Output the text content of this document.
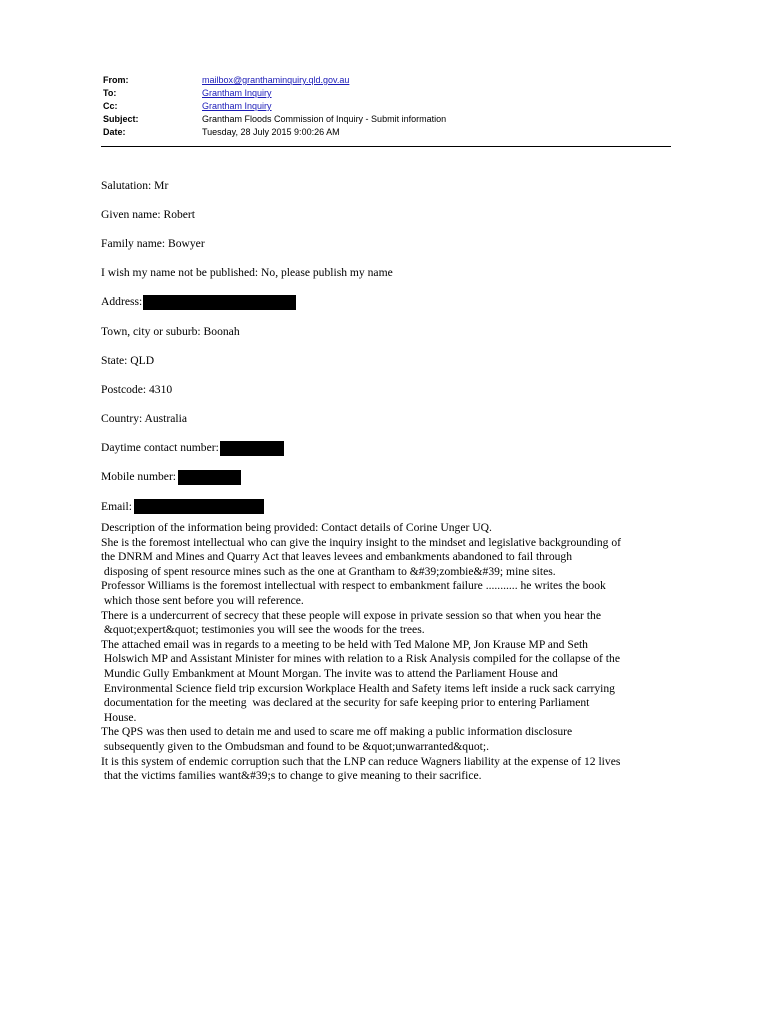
From:	mailbox@granthaminquiry.qld.gov.au
To:	Grantham Inquiry
Cc:	Grantham Inquiry
Subject:	Grantham Floods Commission of Inquiry - Submit information
Date:	Tuesday, 28 July 2015 9:00:26 AM
Salutation: Mr
Given name: Robert
Family name: Bowyer
I wish my name not be published: No, please publish my name
Address:
Town, city or suburb: Boonah
State: QLD
Postcode: 4310
Country: Australia
Daytime contact number:
Mobile number:
Email:
Description of the information being provided: Contact details of Corine Unger UQ.
She is the foremost intellectual who can give the inquiry insight to the mindset and legislative backgrounding of
the DNRM and Mines and Quarry Act that leaves levees and embankments abandoned to fail through
disposing of spent resource mines such as the one at Grantham to &#39;zombie&#39; mine sites.
Professor Williams is the foremost intellectual with respect to embankment failure ........... he writes the book
which those sent before you will reference.
There is a undercurrent of secrecy that these people will expose in private session so that when you hear the
&quot;expert&quot; testimonies you will see the woods for the trees.
The attached email was in regards to a meeting to be held with Ted Malone MP, Jon Krause MP and Seth
Holswich MP and Assistant Minister for mines with relation to a Risk Analysis compiled for the collapse of the
Mundic Gully Embankment at Mount Morgan. The invite was to attend the Parliament House and
Environmental Science field trip excursion Workplace Health and Safety items left inside a ruck sack carrying
documentation for the meeting  was declared at the security for safe keeping prior to entering Parliament
House.
The QPS was then used to detain me and used to scare me off making a public information disclosure
subsequently given to the Ombudsman and found to be &quot;unwarranted&quot;.
It is this system of endemic corruption such that the LNP can reduce Wagners liability at the expense of 12 lives
that the victims families want&#39;s to change to give meaning to their sacrifice.
